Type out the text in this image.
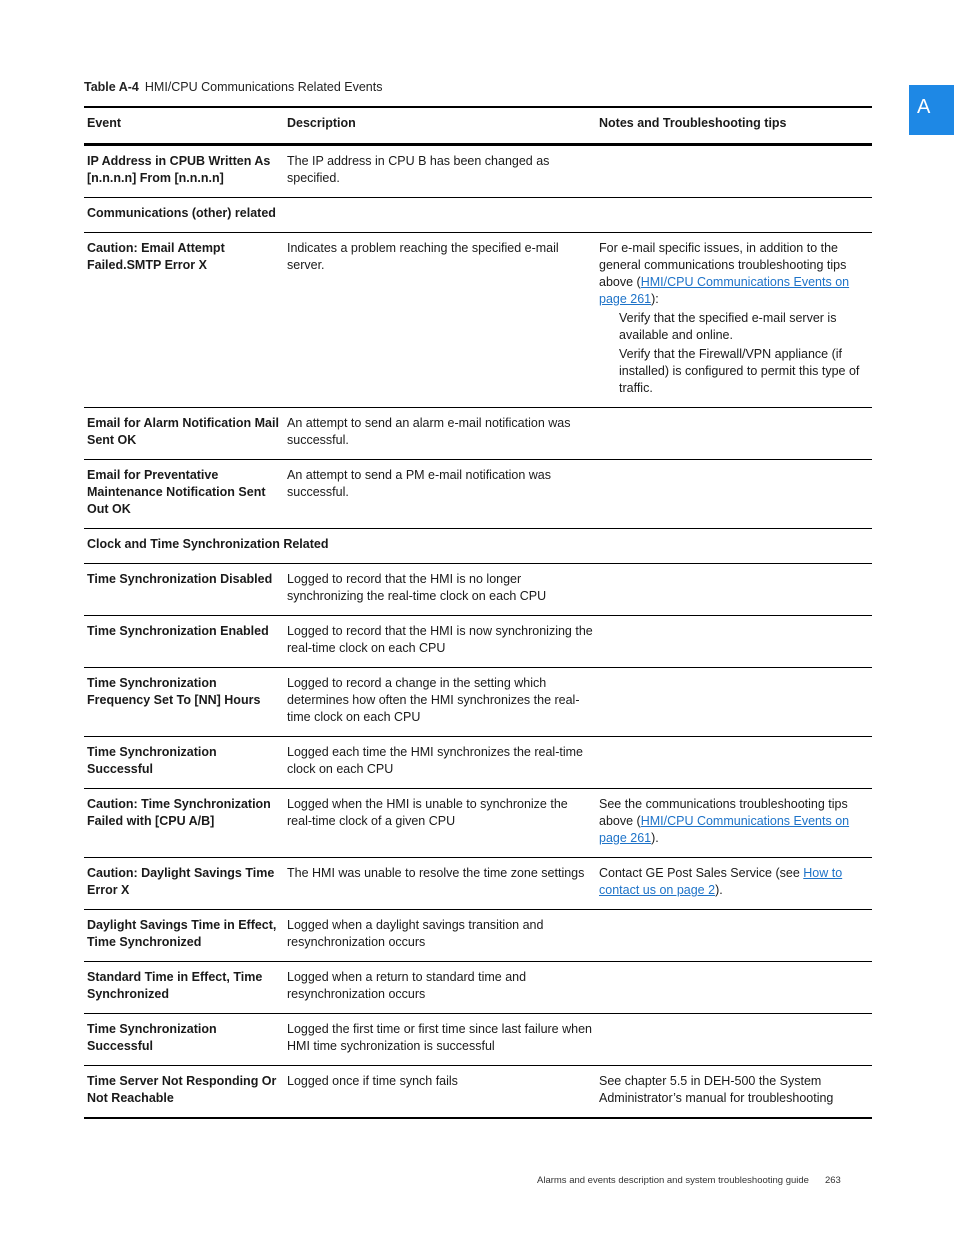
Table A-4 HMI/CPU Communications Related Events
A
Event	Description	Notes and Troubleshooting tips
IP Address in CPUB Written As [n.n.n.n] From [n.n.n.n]	The IP address in CPU B has been changed as specified.	
Communications (other) related		
Caution: Email Attempt Failed.SMTP Error X	Indicates a problem reaching the specified e-mail server.	For e-mail specific issues, in addition to the general communications troubleshooting tips above (HMI/CPU Communications Events on page 261):
Verify that the specified e-mail server is available and online.
Verify that the Firewall/VPN appliance (if installed) is configured to permit this type of traffic.

Email for Alarm Notification Mail Sent OK	An attempt to send an alarm e-mail notification was successful.	
Email for Preventative Maintenance Notification Sent Out OK	An attempt to send a PM e-mail notification was successful.	
Clock and Time Synchronization Related		
Time Synchronization Disabled	Logged to record that the HMI is no longer synchronizing the real-time clock on each CPU	
Time Synchronization Enabled	Logged to record that the HMI is now synchronizing the real-time clock on each CPU	
Time Synchronization Frequency Set To [NN] Hours	Logged to record a change in the setting which determines how often the HMI synchronizes the real-time clock on each CPU	
Time Synchronization Successful	Logged each time the HMI synchronizes the real-time clock on each CPU	
Caution: Time Synchronization Failed with [CPU A/B]	Logged when the HMI is unable to synchronize the real-time clock of a given CPU	See the communications troubleshooting tips above (HMI/CPU Communications Events on page 261).
Caution: Daylight Savings Time Error X	The HMI was unable to resolve the time zone settings	Contact GE Post Sales Service (see How to contact us on page 2).
Daylight Savings Time in Effect, Time Synchronized	Logged when a daylight savings transition and resynchronization occurs	
Standard Time in Effect, Time Synchronized	Logged when a return to standard time and resynchronization occurs	
Time Synchronization Successful	Logged the first time or first time since last failure when HMI time sychronization is successful	
Time Server Not Responding Or Not Reachable	Logged once if time synch fails	See chapter 5.5 in DEH-500 the System Administrator’s manual for troubleshooting
Alarms and events description and system troubleshooting guide 263
